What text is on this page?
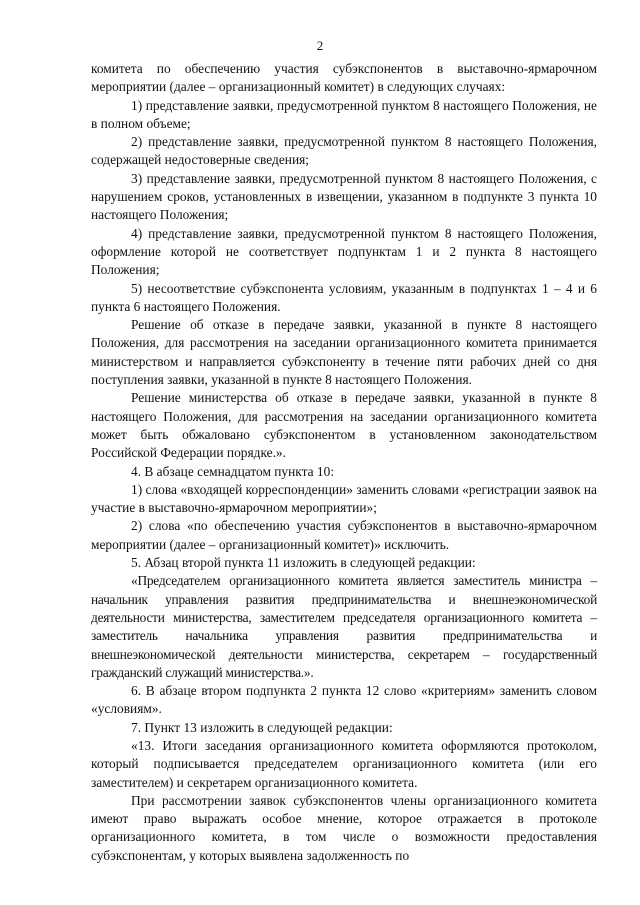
2

комитета по обеспечению участия субэкспонентов в выставочно-ярмарочном мероприятии (далее – организационный комитет) в следующих случаях:

1) представление заявки, предусмотренной пунктом 8 настоящего Положения, не в полном объеме;

2) представление заявки, предусмотренной пунктом 8 настоящего Положения, содержащей недостоверные сведения;

3) представление заявки, предусмотренной пунктом 8 настоящего Положения, с нарушением сроков, установленных в извещении, указанном в подпункте 3 пункта 10 настоящего Положения;

4) представление заявки, предусмотренной пунктом 8 настоящего Положения, оформление которой не соответствует подпунктам 1 и 2 пункта 8 настоящего Положения;

5) несоответствие субэкспонента условиям, указанным в подпунктах 1 – 4 и 6 пункта 6 настоящего Положения.

Решение об отказе в передаче заявки, указанной в пункте 8 настоящего Положения, для рассмотрения на заседании организационного комитета принимается министерством и направляется субэкспоненту в течение пяти рабочих дней со дня поступления заявки, указанной в пункте 8 настоящего Положения.

Решение министерства об отказе в передаче заявки, указанной в пункте 8 настоящего Положения, для рассмотрения на заседании организационного комитета может быть обжаловано субэкспонентом в установленном законодательством Российской Федерации порядке.».

4. В абзаце семнадцатом пункта 10:

1) слова «входящей корреспонденции» заменить словами «регистрации заявок на участие в выставочно-ярмарочном мероприятии»;

2) слова «по обеспечению участия субэкспонентов в выставочно-ярмарочном мероприятии (далее – организационный комитет)» исключить.

5. Абзац второй пункта 11 изложить в следующей редакции:

«Председателем организационного комитета является заместитель министра – начальник управления развития предпринимательства и внешнеэкономической деятельности министерства, заместителем председателя организационного комитета – заместитель начальника управления развития предпринимательства и внешнеэкономической деятельности министерства, секретарем – государственный гражданский служащий министерства.».

6. В абзаце втором подпункта 2 пункта 12 слово «критериям» заменить словом «условиям».

7. Пункт 13 изложить в следующей редакции:

«13. Итоги заседания организационного комитета оформляются протоколом, который подписывается председателем организационного комитета (или его заместителем) и секретарем организационного комитета.

При рассмотрении заявок субэкспонентов члены организационного комитета имеют право выражать особое мнение, которое отражается в протоколе организационного комитета, в том числе о возможности предоставления субэкспонентам, у которых выявлена задолженность по
